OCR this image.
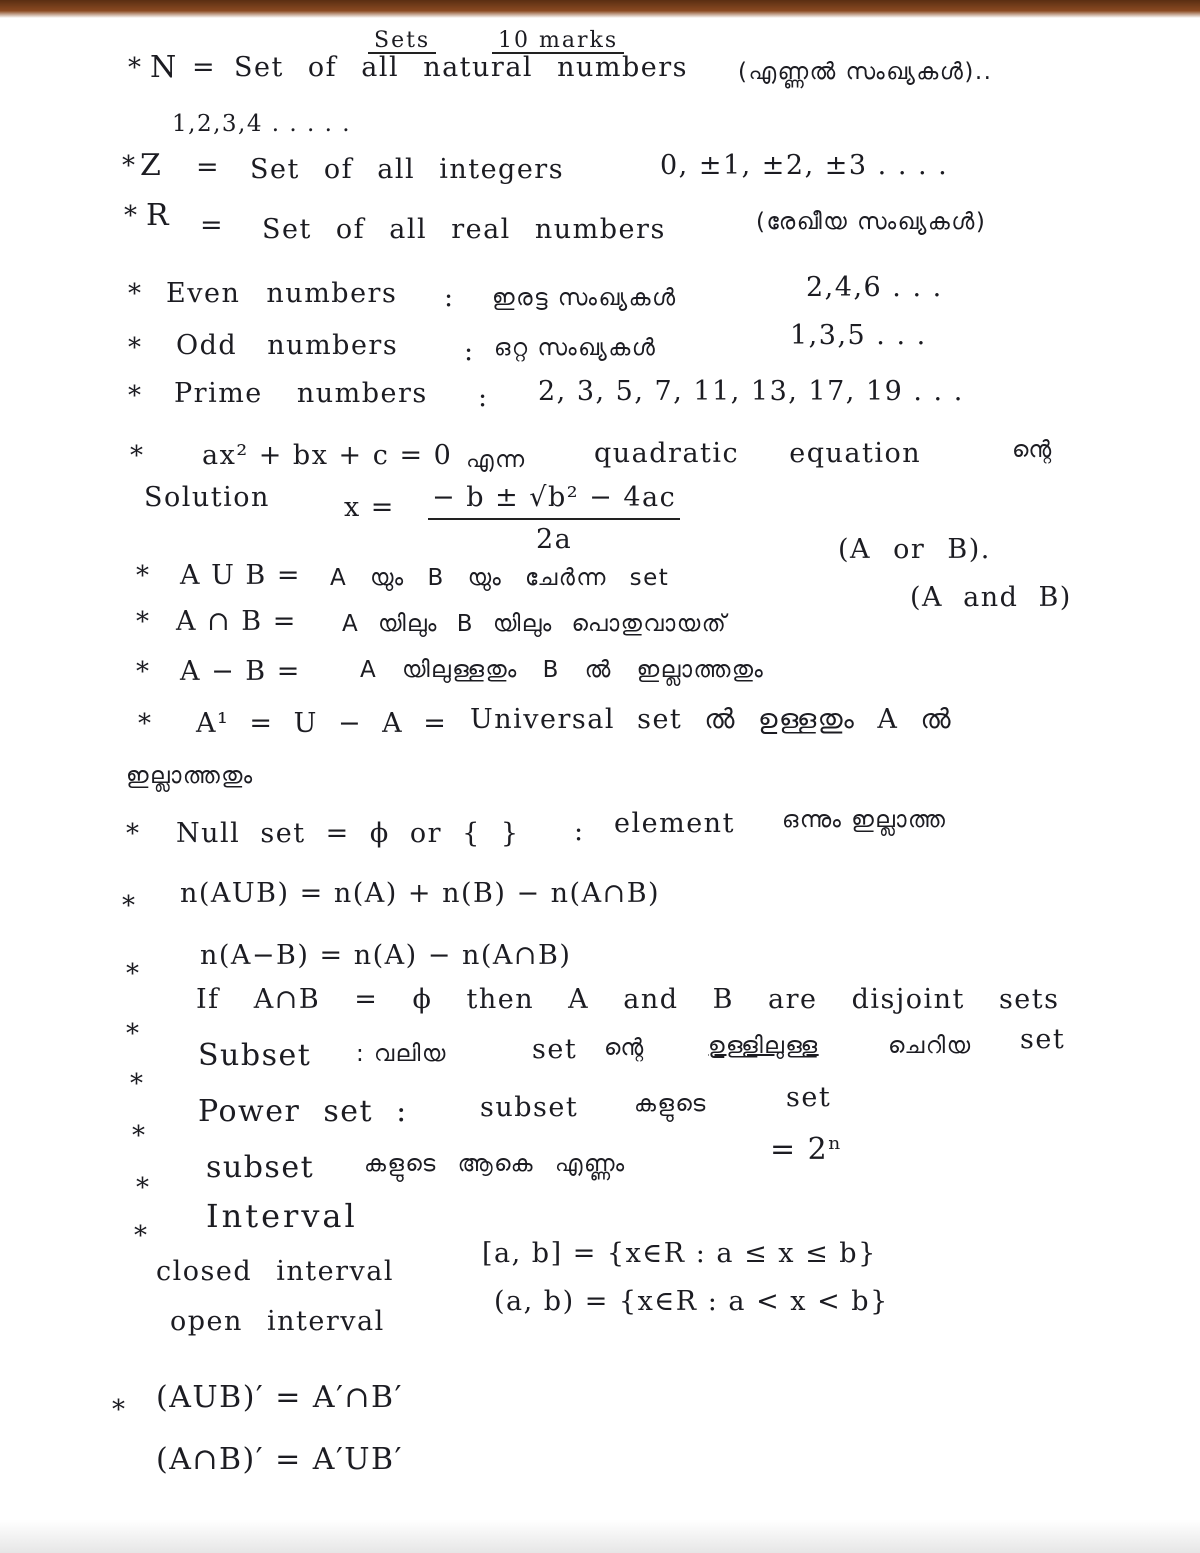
Sets	10 marks
* N = Set of all natural numbers (എണ്ണൽ സംഖ്യകൾ)..
1,2,3,4 . . . . .
* Z = Set of all integers	0, ±1, ±2, ±3 . . . .
* R = Set of all real numbers	(രേഖീയ സംഖ്യകൾ)
* Even numbers : ഇരട്ട സംഖ്യകൾ	2,4,6 . . .
* Odd numbers : ഒറ്റ സംഖ്യകൾ	1,3,5 . . .
* Prime numbers : 2, 3, 5, 7, 11, 13, 17, 19 . . .
* ax² + bx + c = 0 എന്ന	quadratic equation	ന്റെ
Solution	$x = \frac{\text{− b ± √b² − 4ac}}{2a}$
* A U B = A യും B യും ചേർന്ന set
(A or B).
* A ∩ B = A യിലും B യിലും പൊതുവായത്
(A and B)
* A − B =	A യിലുള്ളതും B ൽ ഇല്ലാത്തതും
* A¹ = U − A = Universal set ൽ ഉള്ളതും A ൽ
ഇല്ലാത്തതും
* Null set = ϕ or { } : element ഒന്നും ഇല്ലാത്ത
* n(AUB) = n(A) + n(B) − n(A∩B)
*
n(A−B) = n(A) − n(A∩B)
*
If A∩B = ϕ then A and B are disjoint sets
*
Subset : വലിയ	set ന്റെ	ഉള്ളിലുള്ള	ചെറിയ set
*
Power set :	subset കളുടെ	set
*
subset കളുടെ ആകെ എണ്ണം	= 2ⁿ
*
Interval
closed interval
[a, b] = {x∈R : a ≤ x ≤ b}
open interval
(a, b) = {x∈R : a < x < b}
* (AUB)′ = A′∩B′
(A∩B)′ = A′UB′
